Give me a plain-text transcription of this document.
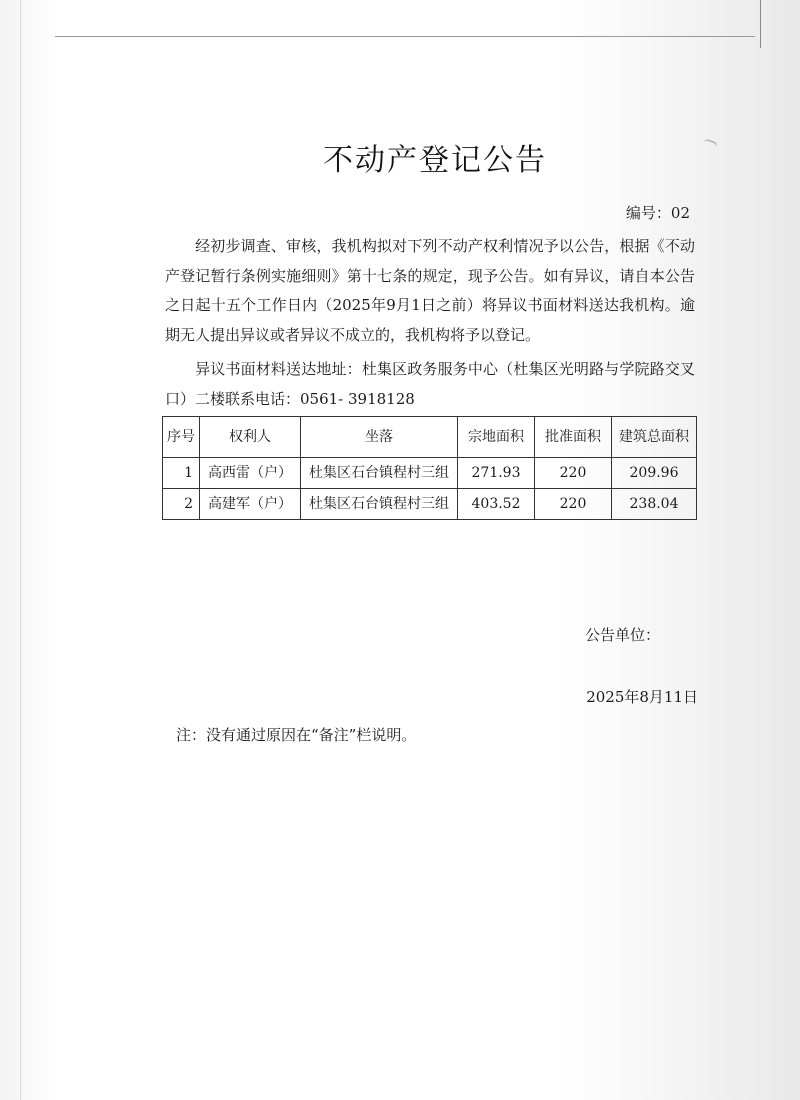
不动产登记公告
编号：02
经初步调查、审核，我机构拟对下列不动产权利情况予以公告，根据《不动产登记暂行条例实施细则》第十七条的规定，现予公告。如有异议，请自本公告之日起十五个工作日内（2025年9月1日之前）将异议书面材料送达我机构。逾期无人提出异议或者异议不成立的，我机构将予以登记。
异议书面材料送达地址：杜集区政务服务中心（杜集区光明路与学院路交叉口）二楼联系电话：0561- 3918128
序号	权利人	坐落	宗地面积	批准面积	建筑总面积
1	高西雷（户）	杜集区石台镇程村三组	271.93	220	209.96
2	高建军（户）	杜集区石台镇程村三组	403.52	220	238.04
公告单位：
2025年8月11日
注：没有通过原因在“备注”栏说明。
